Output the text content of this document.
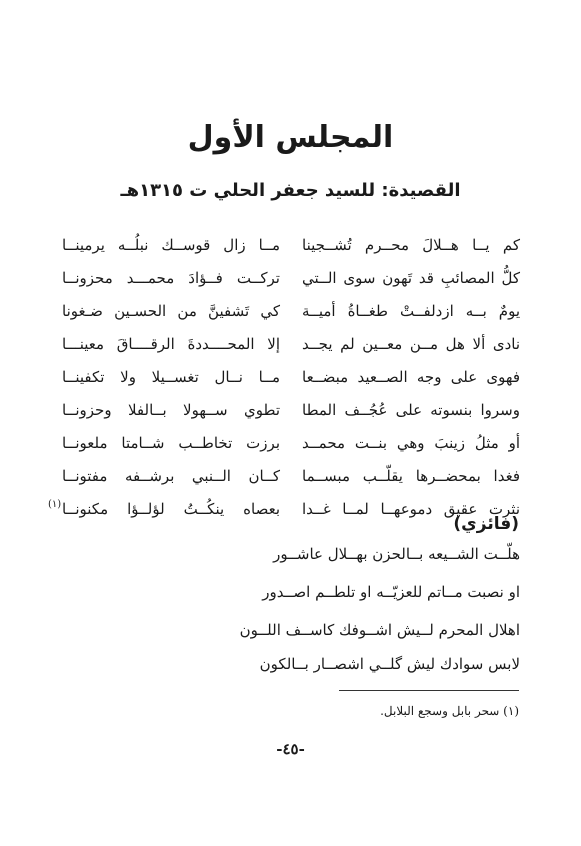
المجلس الأول
القصيدة: للسيد جعفر الحلي ت ١٣١٥هـ
كم يــا هــلالَ محــرم تُشــجينا
مــا زال قوســك نبلُــه يرمينــا
كلُّ المصائبِ قد تَهون سوى الــتي
تركــت فــؤادَ محمـــد محزونــا
يومٌ بــه ازدلفــتْ طغــاةُ أميــة
كي تَشفينَّ من الحسـين ضـغونا
نادى ألا هل مــن معــين لم يجــد
إلا المحــــددةَ الرقــــاقَ معينـــا
فهوى على وجه الصــعيد مبضــعا
مــا نــال تغســيلا ولا تكفينــا
وسروا بنسوته على عُجُــف المطا
تطوي ســهولا بــالفلا وحزونــا
أو مثلُ زينبَ وهي بنــت محمــد
برزت تخاطــب شــامتا ملعونــا
فغدا بمحضــرها يقلّــب مبســما
كــان الــنبي برشــفه مفتونــا
نثرت عقيق دموعهــا لمــا غــدا
بعصاه ينكُــتُ لؤلــؤا مكنونــا
(١)
(فائزي)
هلّــت الشــيعه بــالحزن بهــلال عاشــور
او نصبت مــاتم للعزيّــه او تلطــم اصــدور
اهلال المحرم لــيش اشــوفك كاســف اللــون
لابس سوادك ليش گلــي اشصــار بــالكون
(١) سحر بابل وسجع البلابل.
-٤٥-
